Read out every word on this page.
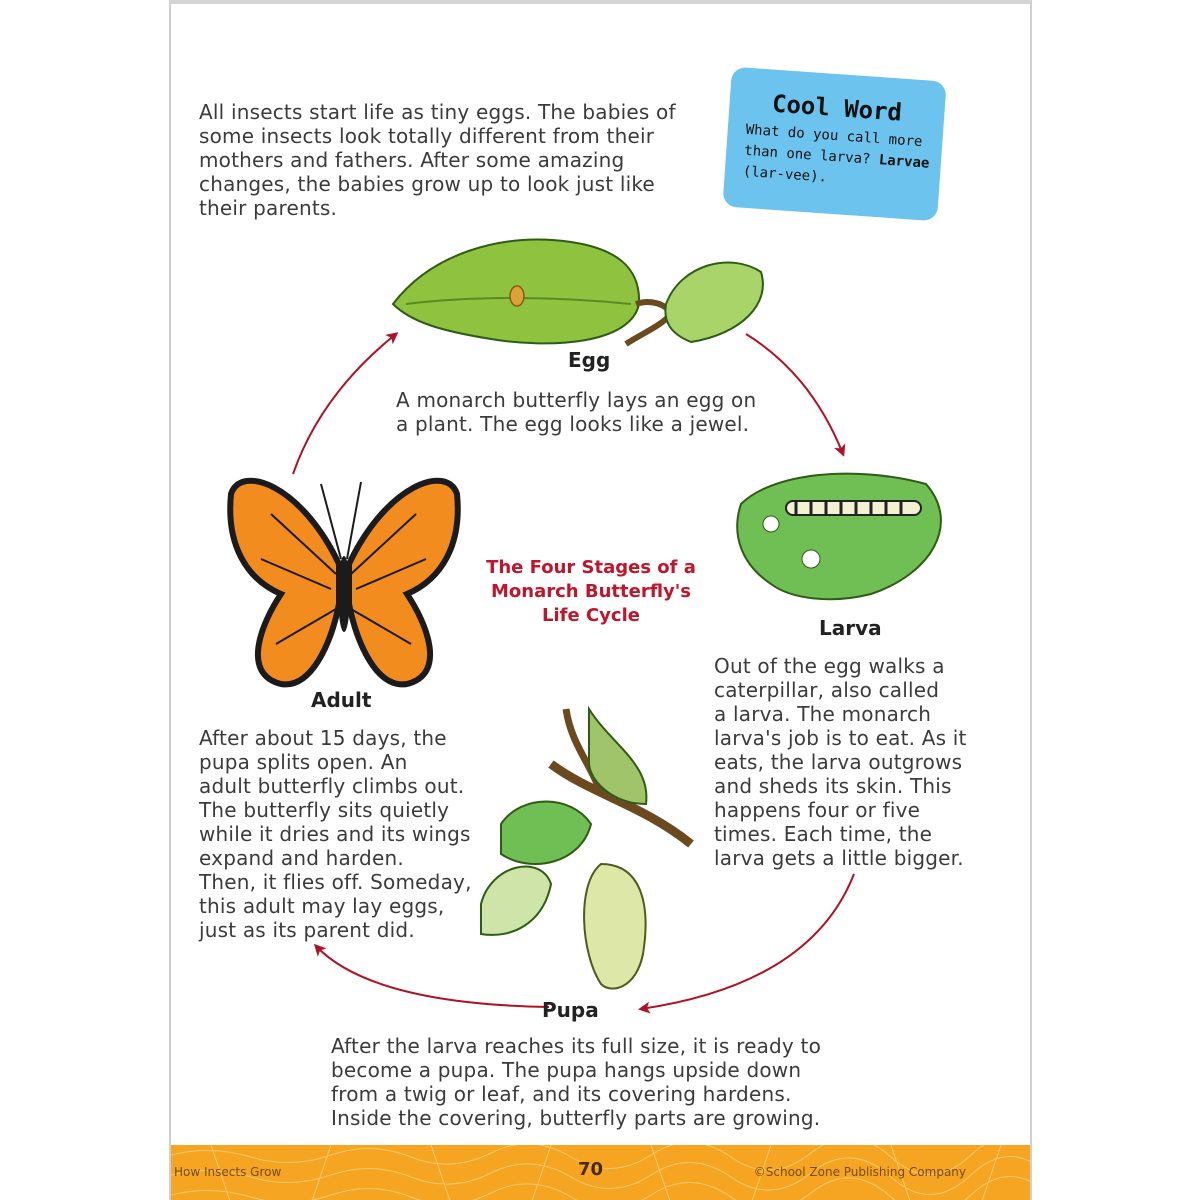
All insects start life as tiny eggs. The babies of
some insects look totally different from their
mothers and fathers. After some amazing
changes, the babies grow up to look just like
their parents.
Cool Word
What do you call more
than one larva? Larvae
(lar-vee).
Egg
Larva
Adult
Pupa
A monarch butterfly lays an egg on
a plant. The egg looks like a jewel.
Out of the egg walks a
caterpillar, also called
a larva. The monarch
larva's job is to eat. As it
eats, the larva outgrows
and sheds its skin. This
happens four or five
times. Each time, the
larva gets a little bigger.
After about 15 days, the
pupa splits open. An
adult butterfly climbs out.
The butterfly sits quietly
while it dries and its wings
expand and harden.
Then, it flies off. Someday,
this adult may lay eggs,
just as its parent did.
After the larva reaches its full size, it is ready to
become a pupa. The pupa hangs upside down
from a twig or leaf, and its covering hardens.
Inside the covering, butterfly parts are growing.
The Four Stages of a
Monarch Butterfly's
Life Cycle
How Insects Grow	70	©School Zone Publishing Company
